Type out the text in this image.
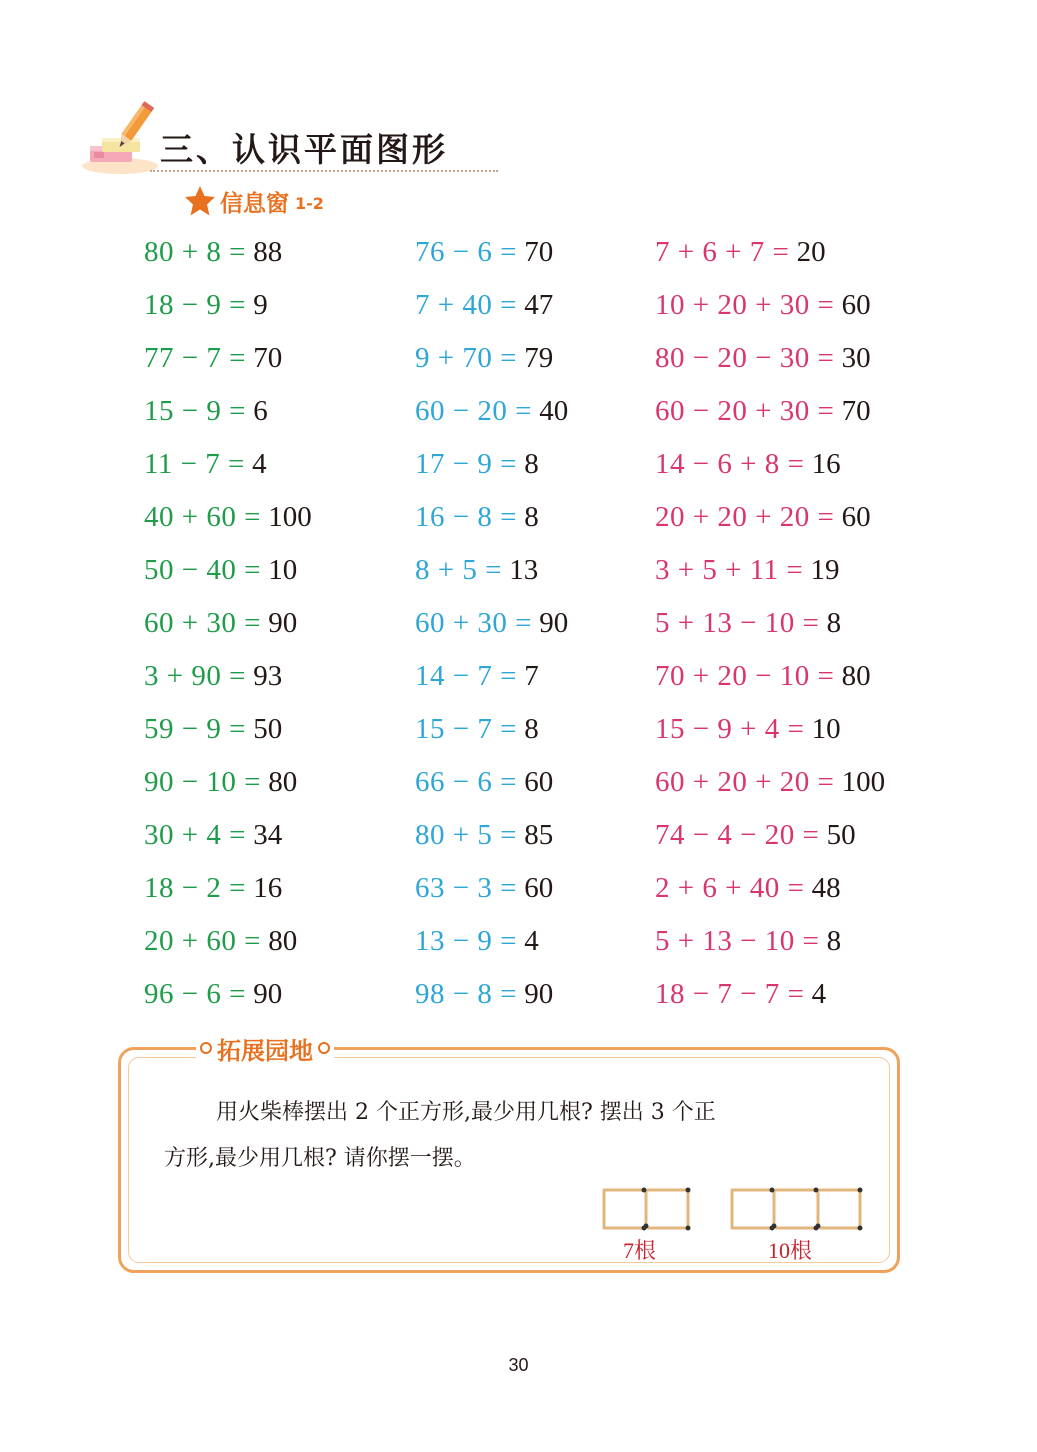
三、认识平面图形
信息窗 1-2
80 + 8 = 88
18 − 9 = 9
77 − 7 = 70
15 − 9 = 6
11 − 7 = 4
40 + 60 = 100
50 − 40 = 10
60 + 30 = 90
3 + 90 = 93
59 − 9 = 50
90 − 10 = 80
30 + 4 = 34
18 − 2 = 16
20 + 60 = 80
96 − 6 = 90
76 − 6 = 70
7 + 40 = 47
9 + 70 = 79
60 − 20 = 40
17 − 9 = 8
16 − 8 = 8
8 + 5 = 13
60 + 30 = 90
14 − 7 = 7
15 − 7 = 8
66 − 6 = 60
80 + 5 = 85
63 − 3 = 60
13 − 9 = 4
98 − 8 = 90
7 + 6 + 7 = 20
10 + 20 + 30 = 60
80 − 20 − 30 = 30
60 − 20 + 30 = 70
14 − 6 + 8 = 16
20 + 20 + 20 = 60
3 + 5 + 11 = 19
5 + 13 − 10 = 8
70 + 20 − 10 = 80
15 − 9 + 4 = 10
60 + 20 + 20 = 100
74 − 4 − 20 = 50
2 + 6 + 40 = 48
5 + 13 − 10 = 8
18 − 7 − 7 = 4
拓展园地
用火柴棒摆出 2 个正方形,最少用几根? 摆出 3 个正
方形,最少用几根? 请你摆一摆。
7根	10根
30
